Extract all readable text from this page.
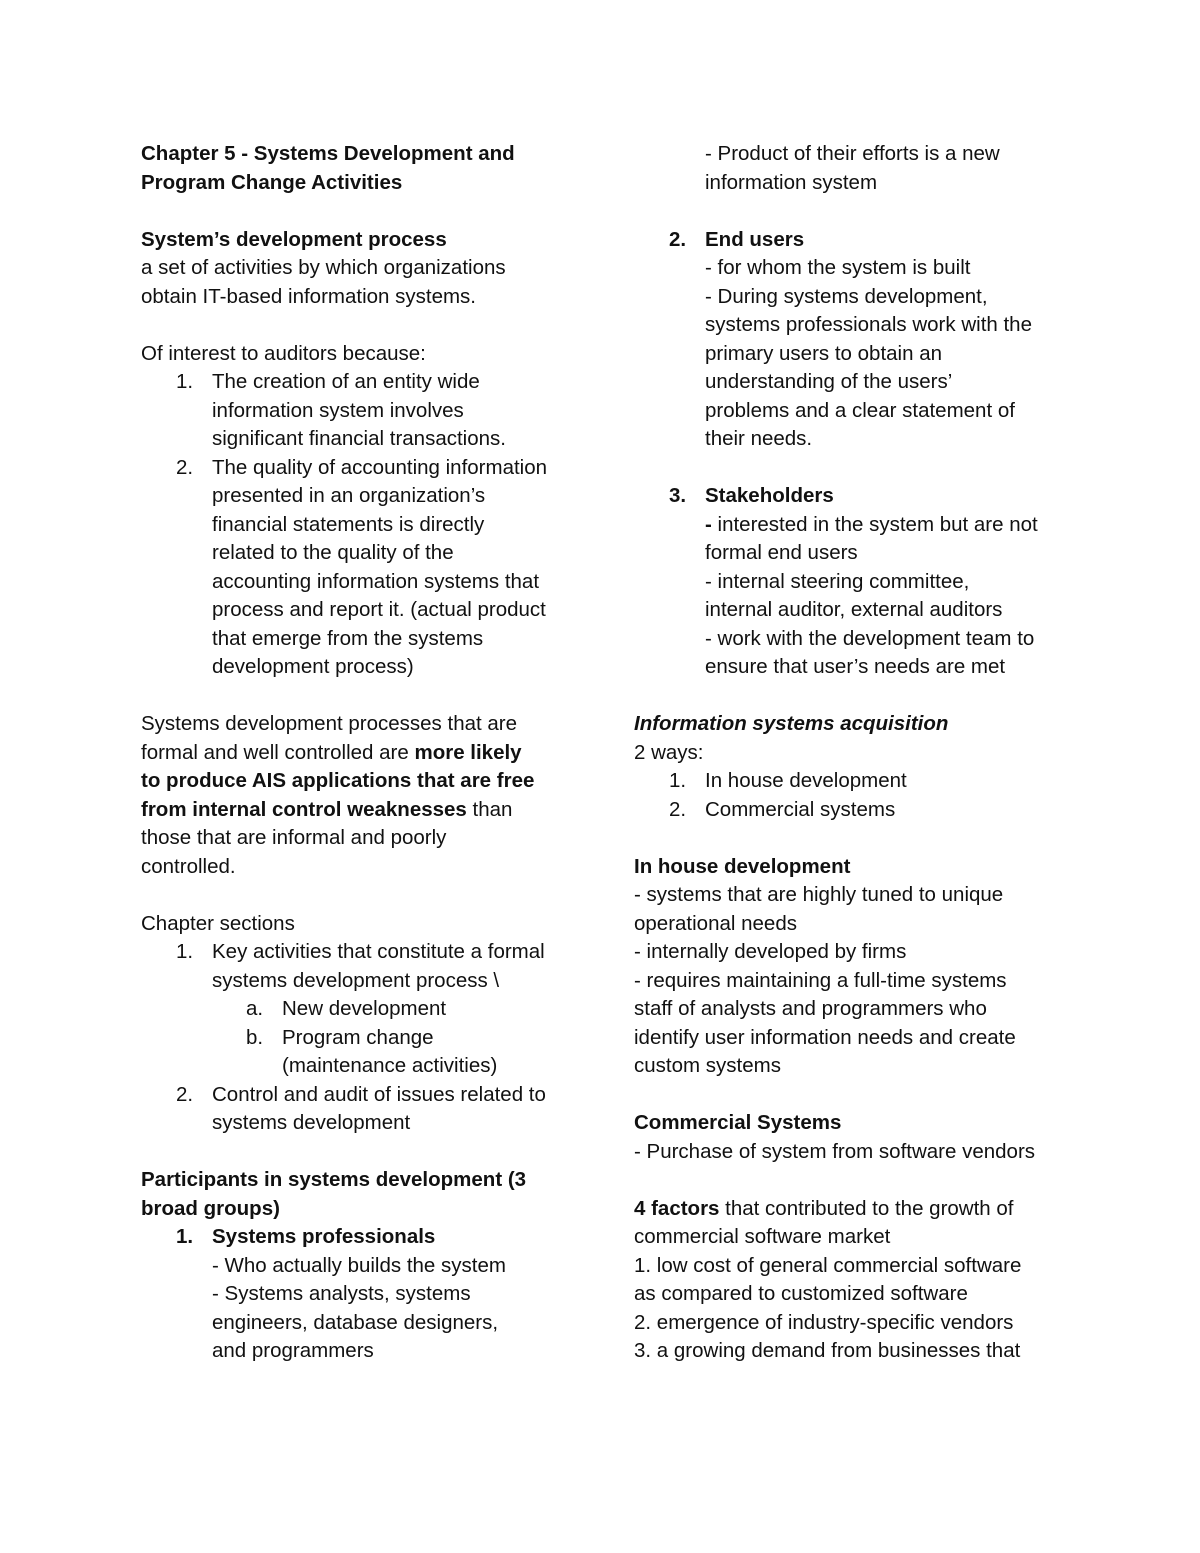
Chapter 5 - Systems Development and
Program Change Activities
System’s development process
a set of activities by which organizations
obtain IT-based information systems.
Of interest to auditors because:
1. The creation of an entity wide
information system involves
significant financial transactions.
2. The quality of accounting information
presented in an organization’s
financial statements is directly
related to the quality of the
accounting information systems that
process and report it. (actual product
that emerge from the systems
development process)
Systems development processes that are
formal and well controlled are more likely
to produce AIS applications that are free
from internal control weaknesses than
those that are informal and poorly
controlled.
Chapter sections
1. Key activities that constitute a formal
systems development process \
a. New development
b. Program change
(maintenance activities)
2. Control and audit of issues related to
systems development
Participants in systems development (3
broad groups)
1. Systems professionals
- Who actually builds the system
- Systems analysts, systems
engineers, database designers,
and programmers
- Product of their efforts is a new
information system
2. End users
- for whom the system is built
- During systems development,
systems professionals work with the
primary users to obtain an
understanding of the users’
problems and a clear statement of
their needs.
3. Stakeholders
- interested in the system but are not
formal end users
- internal steering committee,
internal auditor, external auditors
- work with the development team to
ensure that user’s needs are met
Information systems acquisition
2 ways:
1. In house development
2. Commercial systems
In house development
- systems that are highly tuned to unique
operational needs
- internally developed by firms
- requires maintaining a full-time systems
staff of analysts and programmers who
identify user information needs and create
custom systems
Commercial Systems
- Purchase of system from software vendors
4 factors that contributed to the growth of
commercial software market
1. low cost of general commercial software
as compared to customized software
2. emergence of industry-specific vendors
3. a growing demand from businesses that
